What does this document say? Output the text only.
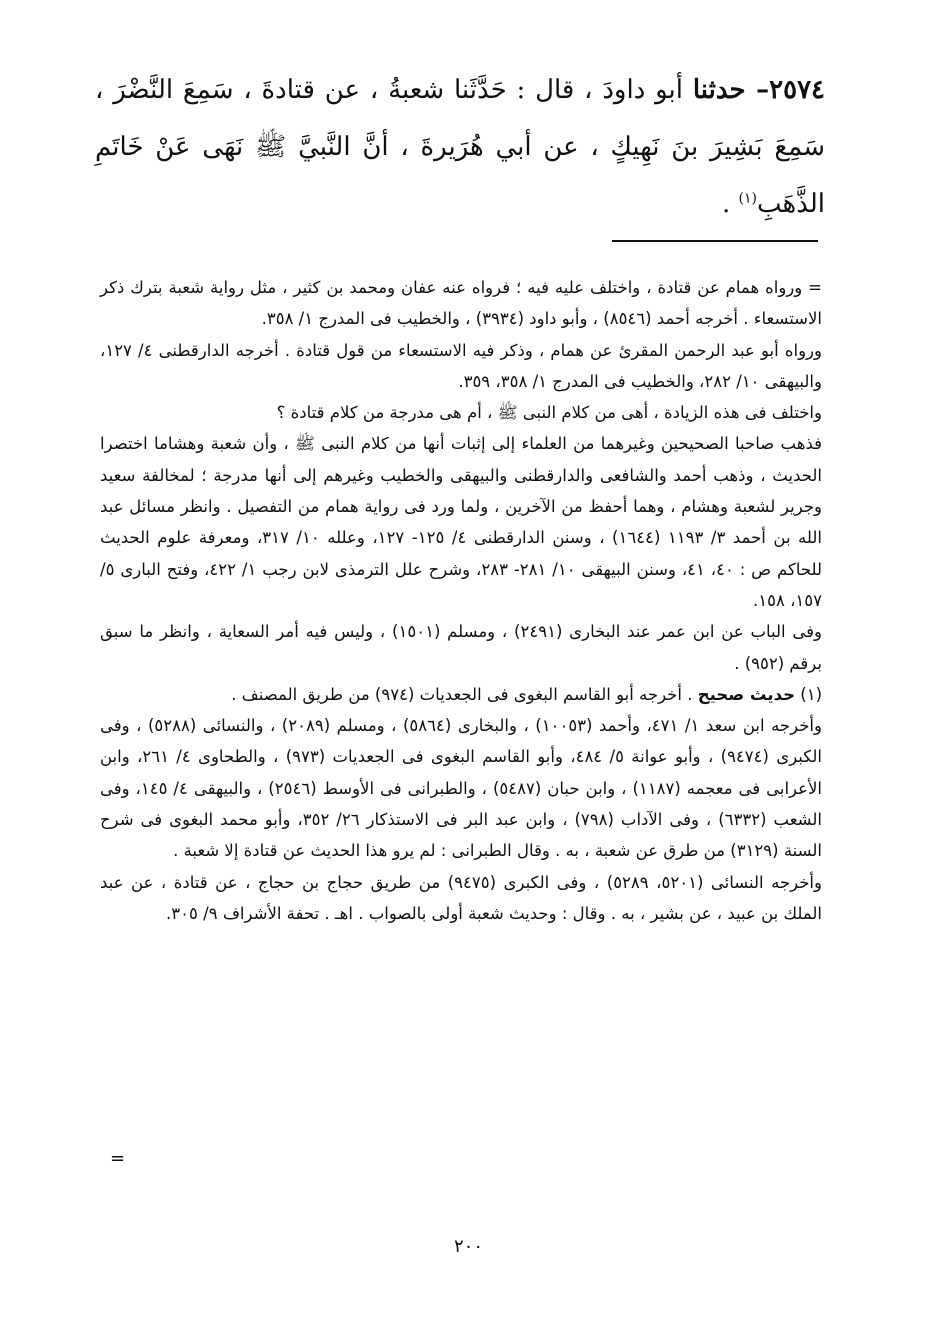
٢٥٧٤– حدثنا أبو داودَ ، قال : حَدَّثَنا شعبةُ ، عن قتادةَ ، سَمِعَ النَّضْرَ ، سَمِعَ بَشِيرَ بنَ نَهِيكٍ ، عن أبي هُرَيرةَ ، أنَّ النَّبيَّ ﷺ نَهَى عَنْ خَاتَمِ الذَّهَبِ$^{(١)}$ .

= ورواه همام عن قتادة ، واختلف عليه فيه ؛ فرواه عنه عفان ومحمد بن كثير ، مثل رواية شعبة بترك ذكر الاستسعاء . أخرجه أحمد (٨٥٤٦) ، وأبو داود (٣٩٣٤) ، والخطيب فى المدرج ١/ ٣٥٨.

ورواه أبو عبد الرحمن المقرئ عن همام ، وذكر فيه الاستسعاء من قول قتادة . أخرجه الدارقطنى ٤/ ١٢٧، والبيهقى ١٠/ ٢٨٢، والخطيب فى المدرج ١/ ٣٥٨، ٣٥٩.

واختلف فى هذه الزيادة ، أهى من كلام النبى ﷺ ، أم هى مدرجة من كلام قتادة ؟

فذهب صاحبا الصحيحين وغيرهما من العلماء إلى إثبات أنها من كلام النبى ﷺ ، وأن شعبة وهشاما اختصرا الحديث ، وذهب أحمد والشافعى والدارقطنى والبيهقى والخطيب وغيرهم إلى أنها مدرجة ؛ لمخالفة سعيد وجرير لشعبة وهشام ، وهما أحفظ من الآخرين ، ولما ورد فى رواية همام من التفصيل . وانظر مسائل عبد الله بن أحمد ٣/ ١١٩٣ (١٦٤٤) ، وسنن الدارقطنى ٤/ ١٢٥- ١٢٧، وعلله ١٠/ ٣١٧، ومعرفة علوم الحديث للحاكم ص : ٤٠، ٤١، وسنن البيهقى ١٠/ ٢٨١- ٢٨٣، وشرح علل الترمذى لابن رجب ١/ ٤٢٢، وفتح البارى ٥/ ١٥٧، ١٥٨.

وفى الباب عن ابن عمر عند البخارى (٢٤٩١) ، ومسلم (١٥٠١) ، وليس فيه أمر السعاية ، وانظر ما سبق برقم (٩٥٢) .

(١) حديث صحيح . أخرجه أبو القاسم البغوى فى الجعديات (٩٧٤) من طريق المصنف .

وأخرجه ابن سعد ١/ ٤٧١، وأحمد (١٠٠٥٣) ، والبخارى (٥٨٦٤) ، ومسلم (٢٠٨٩) ، والنسائى (٥٢٨٨) ، وفى الكبرى (٩٤٧٤) ، وأبو عوانة ٥/ ٤٨٤، وأبو القاسم البغوى فى الجعديات (٩٧٣) ، والطحاوى ٤/ ٢٦١، وابن الأعرابى فى معجمه (١١٨٧) ، وابن حبان (٥٤٨٧) ، والطبرانى فى الأوسط (٢٥٤٦) ، والبيهقى ٤/ ١٤٥، وفى الشعب (٦٣٣٢) ، وفى الآداب (٧٩٨) ، وابن عبد البر فى الاستذكار ٢٦/ ٣٥٢، وأبو محمد البغوى فى شرح السنة (٣١٢٩) من طرق عن شعبة ، به . وقال الطبرانى : لم يرو هذا الحديث عن قتادة إلا شعبة .

وأخرجه النسائى (٥٢٠١، ٥٢٨٩) ، وفى الكبرى (٩٤٧٥) من طريق حجاج بن حجاج ، عن قتادة ، عن عبد الملك بن عبيد ، عن بشير ، به . وقال : وحديث شعبة أولى بالصواب . اهـ . تحفة الأشراف ٩/ ٣٠٥.

=
٢٠٠
